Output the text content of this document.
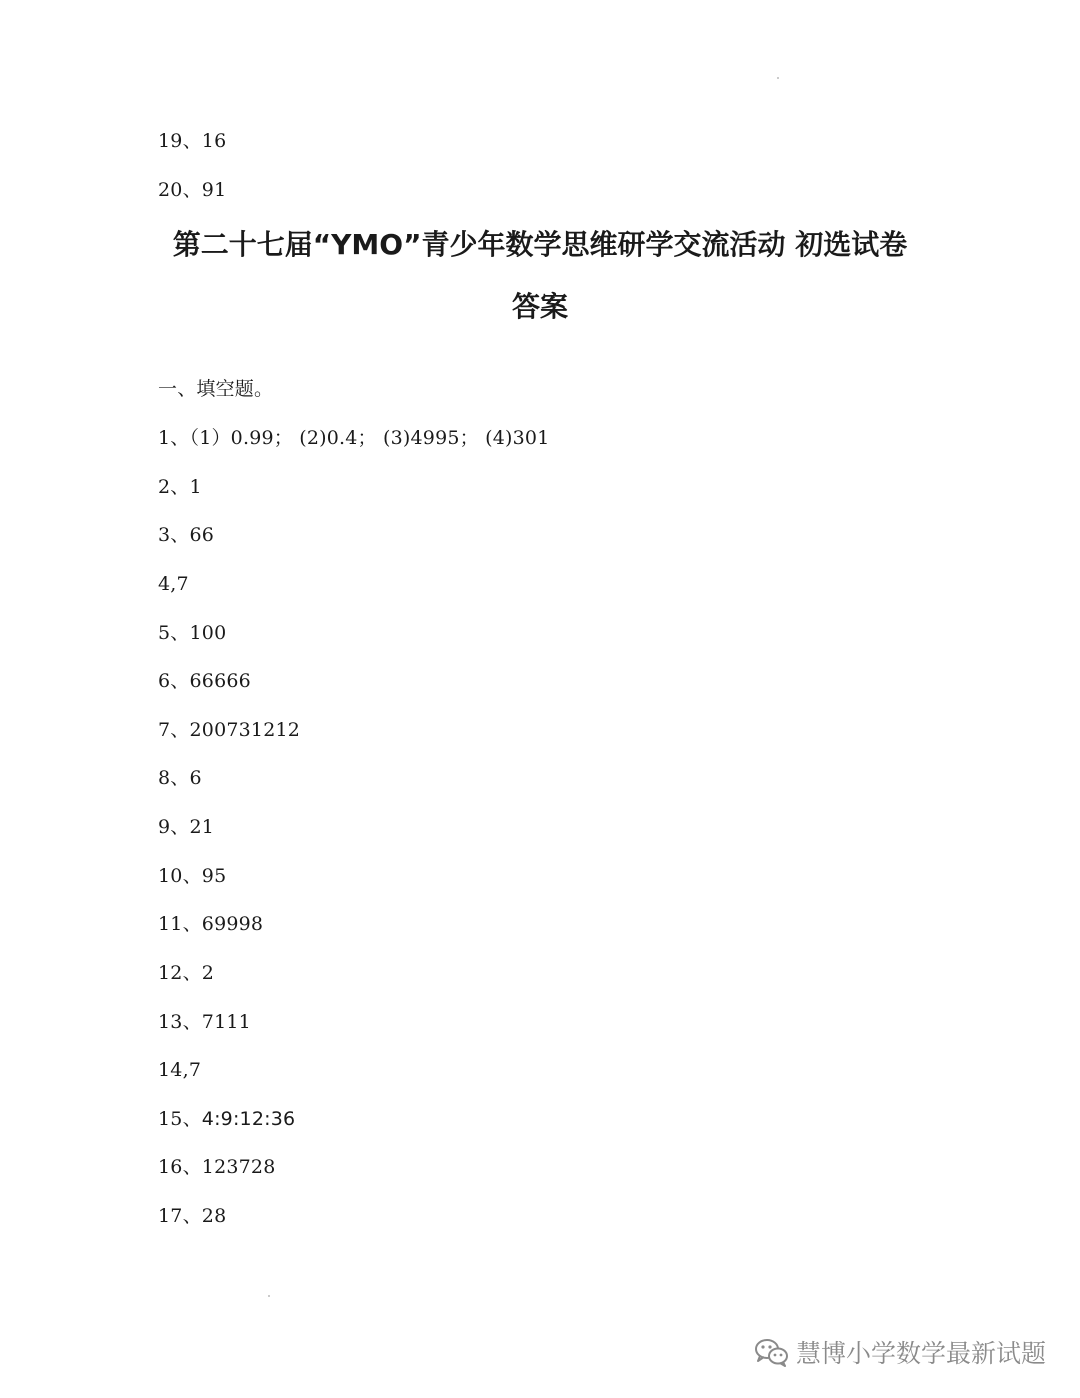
19、16
20、91
第二十七届“YMO”青少年数学思维研学交流活动 初选试卷
答案
一、填空题。
1、（1）0.99； (2)0.4； (3)4995； (4)301
2、1
3、66
4,7
5、100
6、66666
7、200731212
8、6
9、21
10、95
11、69998
12、2
13、7111
14,7
15、4:9:12:36
16、123728
17、28
慧博小学数学最新试题
